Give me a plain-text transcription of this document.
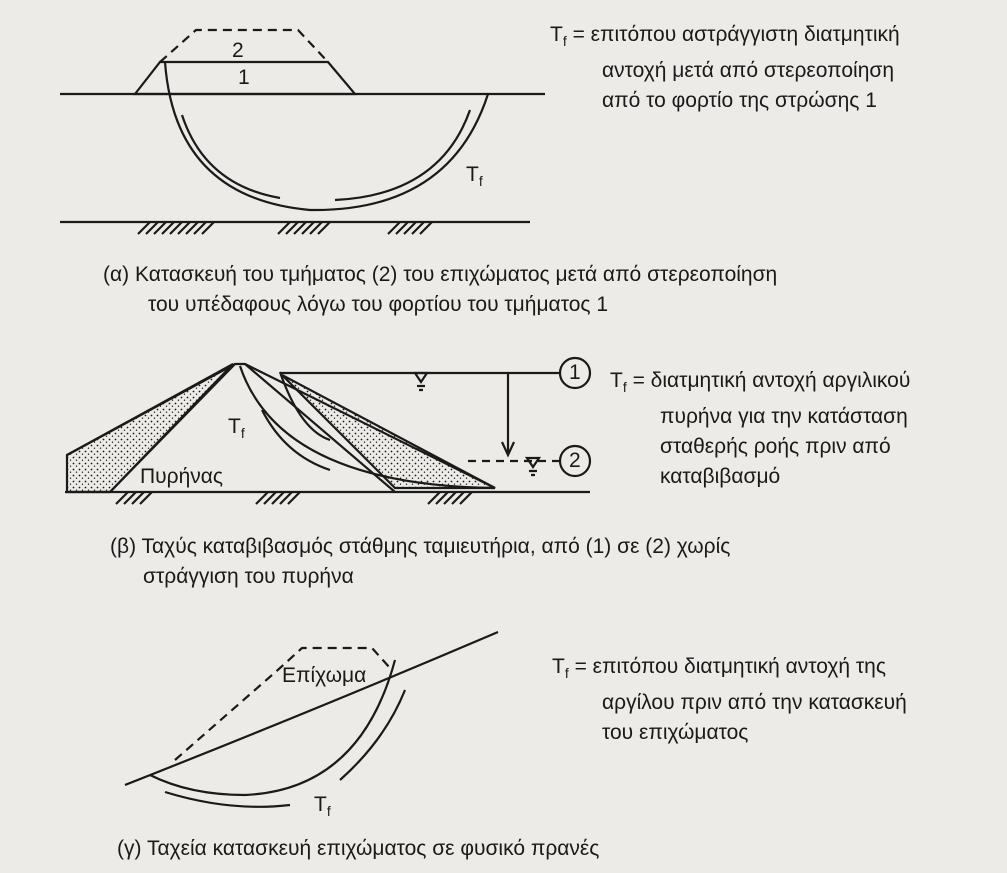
2
1
$T_f$
$T_f = \varepsilon\pi\iota\tau ό\pi o\upsilon$ αστράγγιστη διατμητική
αντοχή μετά από στερεοποίηση
από το φορτίο της στρώσης 1
(α) Κατασκευή του τμήματος (2) του επιχώματος μετά από στερεοποίηση
του υπέδαφους λόγω του φορτίου του τμήματος 1
Πυρήνας
$T_f$
1
2
$T_f = \delta\iota\alpha\tau\mu\eta\tau\iota\kappa ή$ αντοχή αργιλικού
πυρήνα για την κατάσταση
σταθερής ροής πριν από
καταβιβασμό
(β) Ταχύς καταβιβασμός στάθμης ταμιευτήρια, από (1) σε (2) χωρίς
στράγγιση του πυρήνα
Επίχωμα
$T_f$
$T_f = \varepsilon\pi\iota\tau ό\pi o\upsilon$ διατμητική αντοχή της
αργίλου πριν από την κατασκευή
του επιχώματος
(γ) Ταχεία κατασκευή επιχώματος σε φυσικό πρανές
